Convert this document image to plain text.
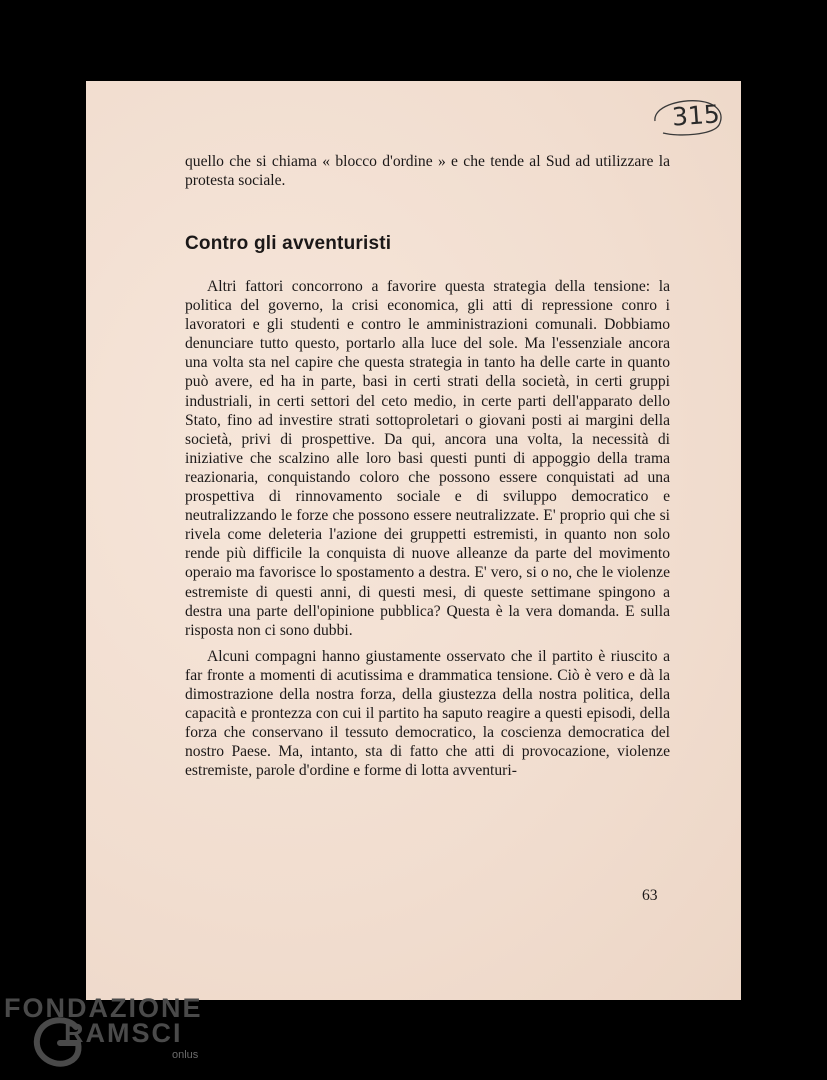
315

quello che si chiama « blocco d'ordine » e che tende al Sud ad utilizzare la protesta sociale.

Contro gli avventuristi

Altri fattori concorrono a favorire questa strategia della tensione: la politica del governo, la crisi economica, gli atti di repressione conro i lavoratori e gli studenti e contro le amministrazioni comunali. Dobbiamo denunciare tutto questo, portarlo alla luce del sole. Ma l'essenziale ancora una volta sta nel capire che questa strategia in tanto ha delle carte in quanto può avere, ed ha in parte, basi in certi strati della società, in certi gruppi industriali, in certi settori del ceto medio, in certe parti dell'apparato dello Stato, fino ad investire strati sottoproletari o giovani posti ai margini della società, privi di prospettive. Da qui, ancora una volta, la necessità di iniziative che scalzino alle loro basi questi punti di appoggio della trama reazionaria, conquistando coloro che possono essere conquistati ad una prospettiva di rinnovamento sociale e di sviluppo democratico e neutralizzando le forze che possono essere neutralizzate. E' proprio qui che si rivela come deleteria l'azione dei gruppetti estremisti, in quanto non solo rende più difficile la conquista di nuove alleanze da parte del movimento operaio ma favorisce lo spostamento a destra. E' vero, si o no, che le violenze estremiste di questi anni, di questi mesi, di queste settimane spingono a destra una parte dell'opinione pubblica? Questa è la vera domanda. E sulla risposta non ci sono dubbi.

Alcuni compagni hanno giustamente osservato che il partito è riuscito a far fronte a momenti di acutissima e drammatica tensione. Ciò è vero e dà la dimostrazione della nostra forza, della giustezza della nostra politica, della capacità e prontezza con cui il partito ha saputo reagire a questi episodi, della forza che conservano il tessuto democratico, la coscienza democratica del nostro Paese. Ma, intanto, sta di fatto che atti di provocazione, violenze estremiste, parole d'ordine e forme di lotta avventuri-

63
FONDAZIONE
RAMSCI
onlus
